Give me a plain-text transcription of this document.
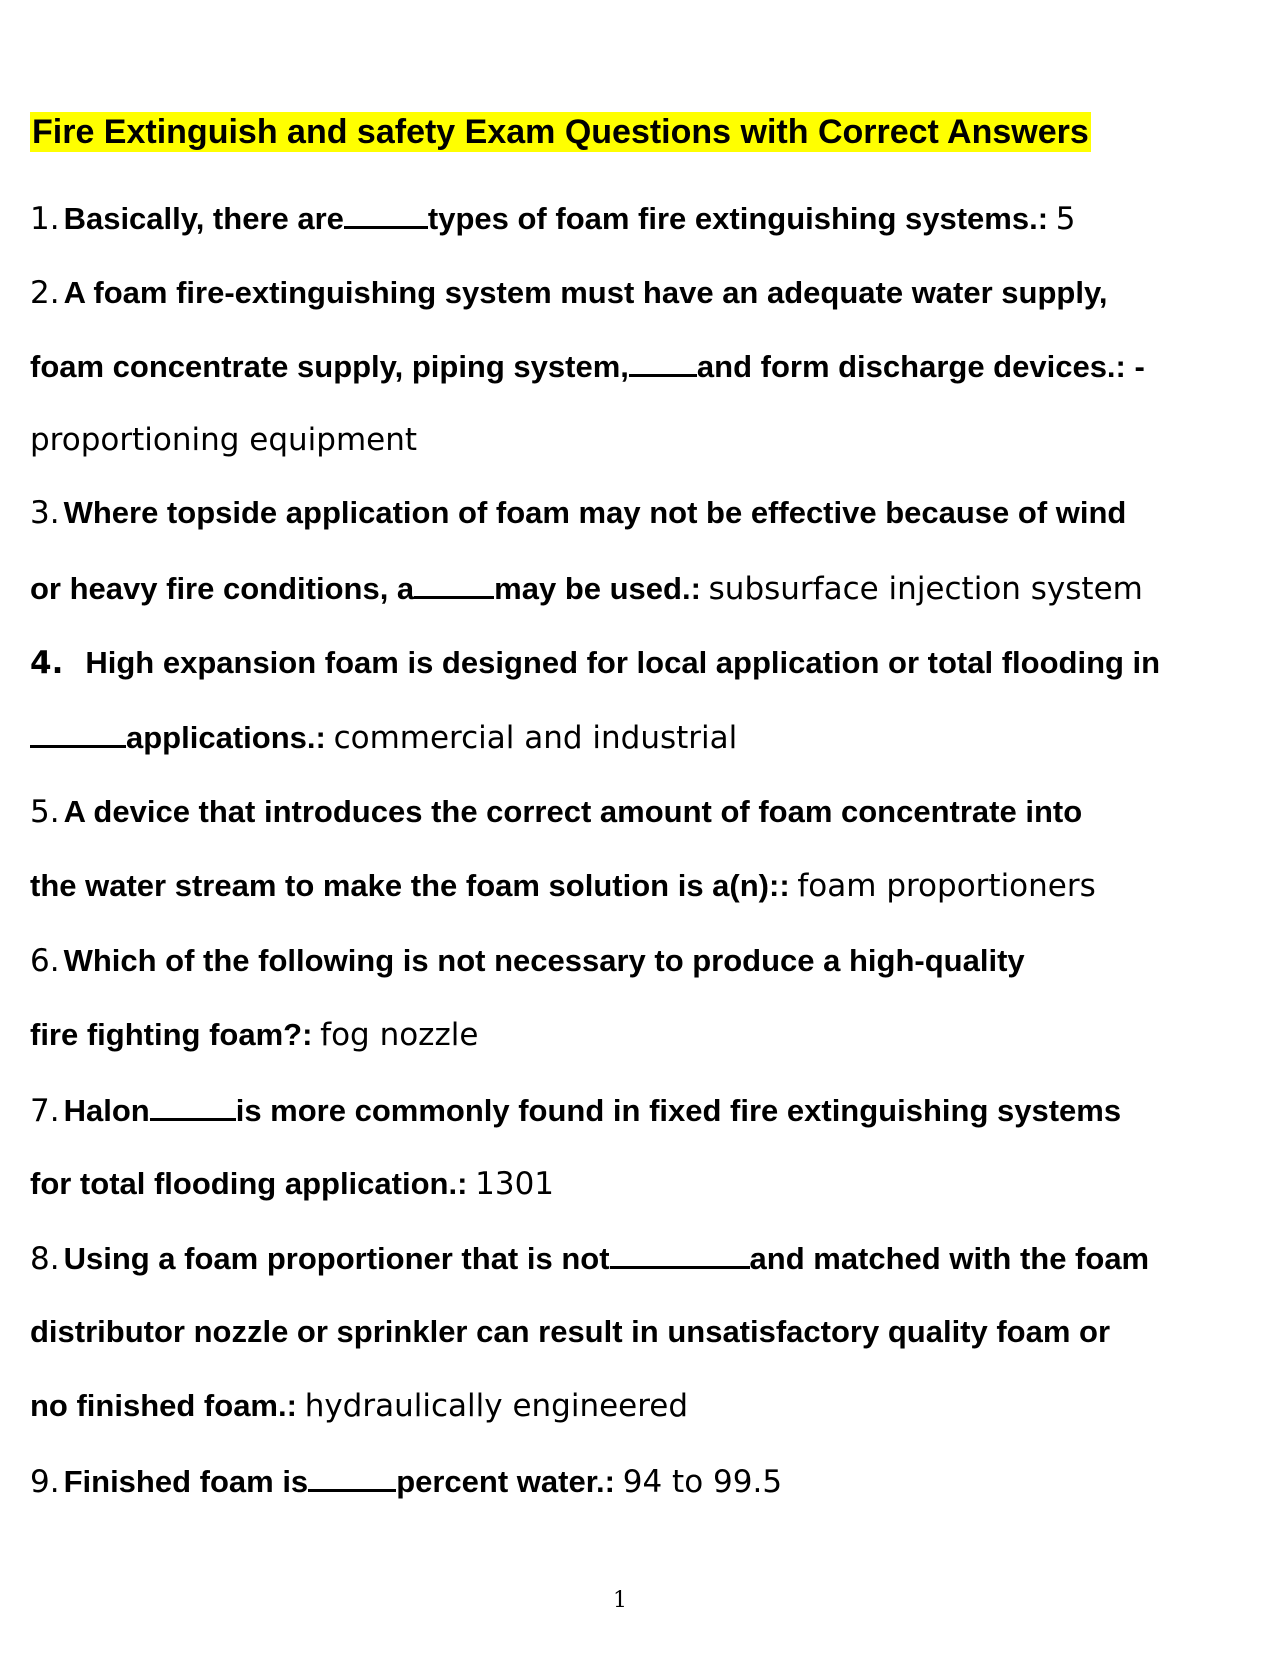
Fire Extinguish and safety Exam Questions with Correct Answers
1. Basically, there are	types of foam fire extinguishing systems.: 5
2. A foam fire-extinguishing system must have an adequate water supply,
foam concentrate supply, piping system, and form discharge devices.: -
proportioning equipment
3. Where topside application of foam may not be effective because of wind
or heavy fire conditions, a	may be used.: subsurface injection system
4. High expansion foam is designed for local application or total flooding in
applications.: commercial and industrial
5. A device that introduces the correct amount of foam concentrate into
the water stream to make the foam solution is a(n):: foam proportioners
6. Which of the following is not necessary to produce a high-quality
fire fighting foam?: fog nozzle
7. Halon	is more commonly found in fixed fire extinguishing systems
for total flooding application.: 1301
8. Using a foam proportioner that is not	and matched with the foam
distributor nozzle or sprinkler can result in unsatisfactory quality foam or
no finished foam.: hydraulically engineered
9. Finished foam is	percent water.: 94 to 99.5
1
